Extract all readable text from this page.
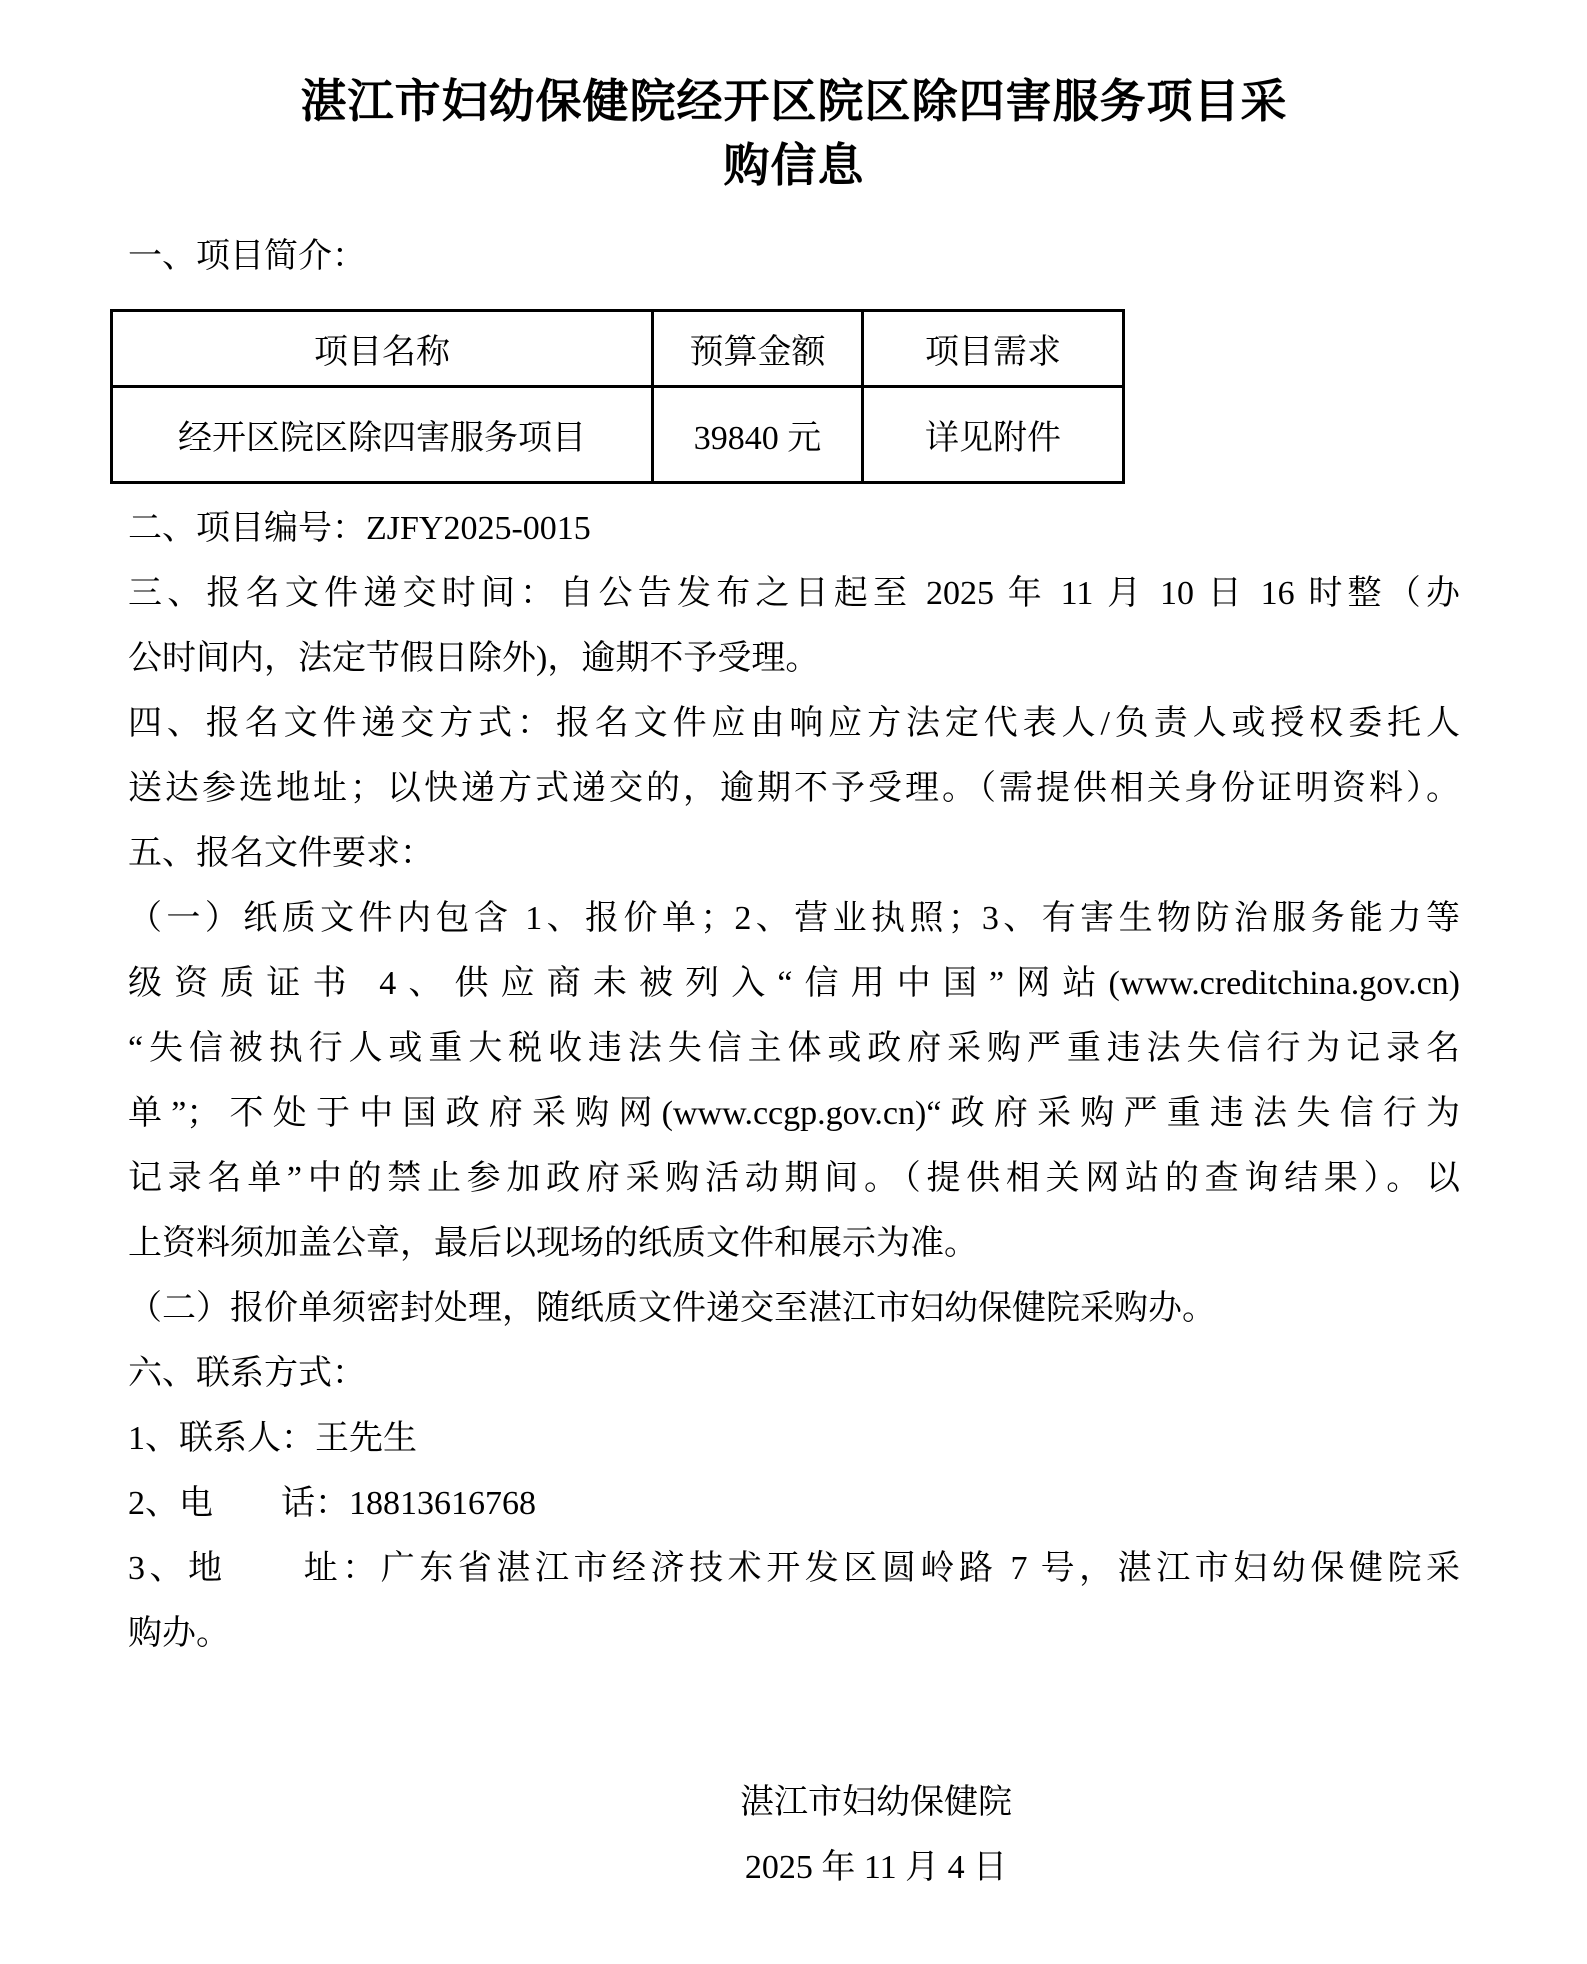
湛江市妇幼保健院经开区院区除四害服务项目采
购信息
一、项目简介：
项目名称	预算金额	项目需求
经开区院区除四害服务项目	39840 元	详见附件
二、项目编号：ZJFY2025-0015
三、报名文件递交时间：自公告发布之日起至 2025 年 11 月 10 日 16 时整（办
公时间内，法定节假日除外)，逾期不予受理。
四、报名文件递交方式：报名文件应由响应方法定代表人/负责人或授权委托人
送达参选地址；以快递方式递交的，逾期不予受理。（需提供相关身份证明资料）。
五、报名文件要求：
（一）纸质文件内包含 1、报价单；2、营业执照；3、有害生物防治服务能力等
级资质证书 4、供应商未被列入“信用中国”网站(www.creditchina.gov.cn)
“失信被执行人或重大税收违法失信主体或政府采购严重违法失信行为记录名
单”；不处于中国政府采购网(www.ccgp.gov.cn)“政府采购严重违法失信行为
记录名单”中的禁止参加政府采购活动期间。（提供相关网站的查询结果）。以
上资料须加盖公章，最后以现场的纸质文件和展示为准。
（二）报价单须密封处理，随纸质文件递交至湛江市妇幼保健院采购办。
六、联系方式：
1、联系人：王先生
2、电　　话：18813616768
3、地　　址：广东省湛江市经济技术开发区圆岭路 7 号，湛江市妇幼保健院采
购办。
湛江市妇幼保健院
2025 年 11 月 4 日
